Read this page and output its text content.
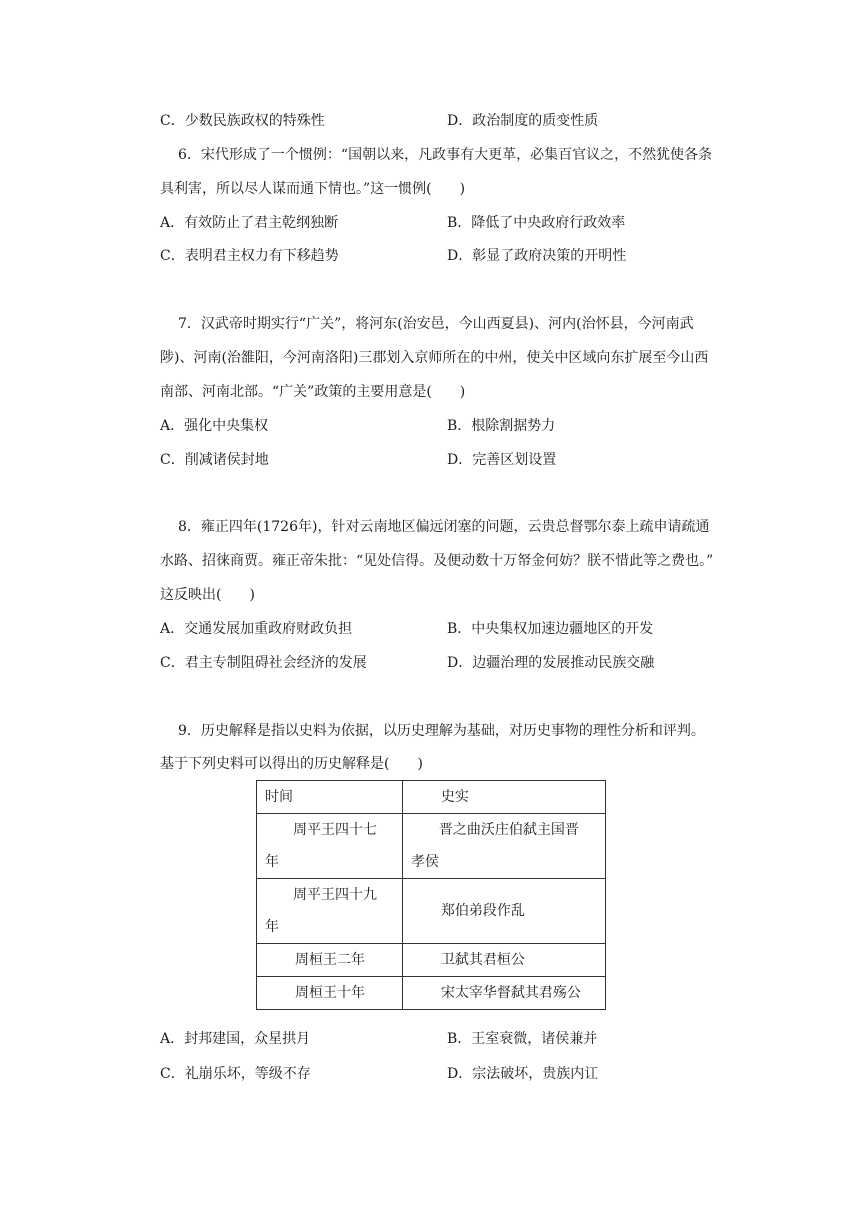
C．少数民族政权的特殊性	D．政治制度的质变性质
6．宋代形成了一个惯例：“国朝以来，凡政事有大更革，必集百官议之，不然犹使各条
具利害，所以尽人谋而通下情也。”这一惯例(　　)
A．有效防止了君主乾纲独断	B．降低了中央政府行政效率
C．表明君主权力有下移趋势	D．彰显了政府决策的开明性
7．汉武帝时期实行“广关”，将河东(治安邑，今山西夏县)、河内(治怀县，今河南武
陟)、河南(治雒阳，今河南洛阳)三郡划入京师所在的中州，使关中区域向东扩展至今山西
南部、河南北部。“广关”政策的主要用意是(　　)
A．强化中央集权	B．根除割据势力
C．削减诸侯封地	D．完善区划设置
8．雍正四年(1726年)，针对云南地区偏远闭塞的问题，云贵总督鄂尔泰上疏申请疏通
水路、招徕商贾。雍正帝朱批：“见处信得。及便动数十万帑金何妨？朕不惜此等之费也。”
这反映出(　　)
A．交通发展加重政府财政负担	B．中央集权加速边疆地区的开发
C．君主专制阻碍社会经济的发展	D．边疆治理的发展推动民族交融
9．历史解释是指以史料为依据，以历史理解为基础，对历史事物的理性分析和评判。
基于下列史料可以得出的历史解释是(　　)
时间	史实
周平王四十七
年	晋之曲沃庄伯弑主国晋
孝侯
周平王四十九
年	郑伯弟段作乱
周桓王二年	卫弑其君桓公
周桓王十年	宋太宰华督弑其君殇公
A．封邦建国，众星拱月	B．王室衰微，诸侯兼并
C．礼崩乐坏，等级不存	D．宗法破坏，贵族内讧
